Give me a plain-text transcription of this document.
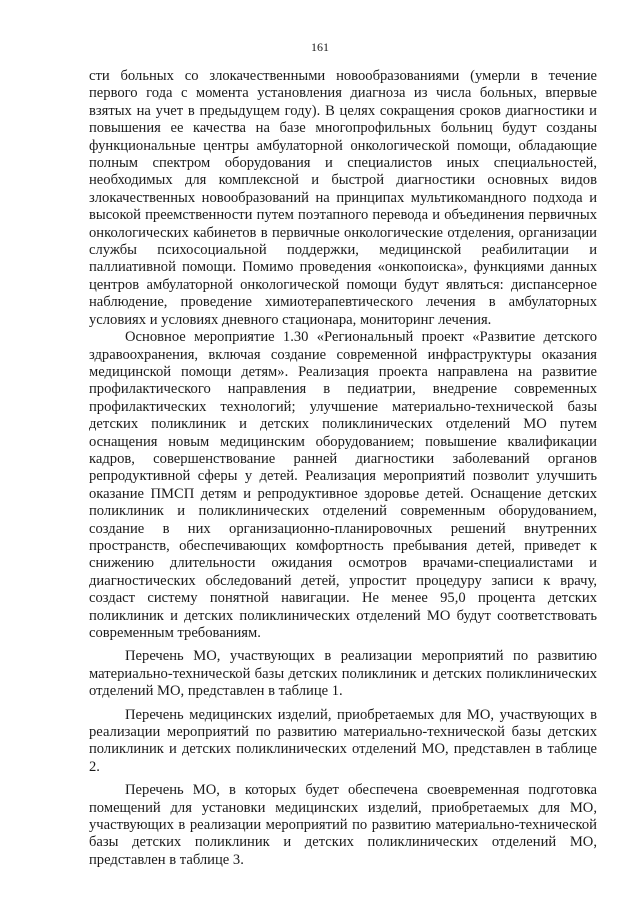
161

сти больных со злокачественными новообразованиями (умерли в течение первого года с момента установления диагноза из числа больных, впервые взятых на учет в предыдущем году). В целях сокращения сроков диагностики и повышения ее качества на базе многопрофильных больниц будут созданы функциональные центры амбулаторной онкологической помощи, обладающие полным спектром оборудования и специалистов иных специальностей, необходимых для комплексной и быстрой диагностики основных видов злокачественных новообразований на принципах мультикомандного подхода и высокой преемственности путем поэтапного перевода и объединения первичных онкологических кабинетов в первичные онкологические отделения, организации службы психосоциальной поддержки, медицинской реабилитации и паллиативной помощи. Помимо проведения «онкопоиска», функциями данных центров амбулаторной онкологической помощи будут являться: диспансерное наблюдение, проведение химиотерапевтического лечения в амбулаторных условиях и условиях дневного стационара, мониторинг лечения.

Основное мероприятие 1.30 «Региональный проект «Развитие детского здравоохранения, включая создание современной инфраструктуры оказания медицинской помощи детям». Реализация проекта направлена на развитие профилактического направления в педиатрии, внедрение современных профилактических технологий; улучшение материально-технической базы детских поликлиник и детских поликлинических отделений МО путем оснащения новым медицинским оборудованием; повышение квалификации кадров, совершенствование ранней диагностики заболеваний органов репродуктивной сферы у детей. Реализация мероприятий позволит улучшить оказание ПМСП детям и репродуктивное здоровье детей. Оснащение детских поликлиник и поликлинических отделений современным оборудованием, создание в них организационно-планировочных решений внутренних пространств, обеспечивающих комфортность пребывания детей, приведет к снижению длительности ожидания осмотров врачами-специалистами и диагностических обследований детей, упростит процедуру записи к врачу, создаст систему понятной навигации. Не менее 95,0 процента детских поликлиник и детских поликлинических отделений МО будут соответствовать современным требованиям.

Перечень МО, участвующих в реализации мероприятий по развитию материально-технической базы детских поликлиник и детских поликлинических отделений МО, представлен в таблице 1.

Перечень медицинских изделий, приобретаемых для МО, участвующих в реализации мероприятий по развитию материально-технической базы детских поликлиник и детских поликлинических отделений МО, представлен в таблице 2.

Перечень МО, в которых будет обеспечена своевременная подготовка помещений для установки медицинских изделий, приобретаемых для МО, участвующих в реализации мероприятий по развитию материально-технической базы детских поликлиник и детских поликлинических отделений МО, представлен в таблице 3.
